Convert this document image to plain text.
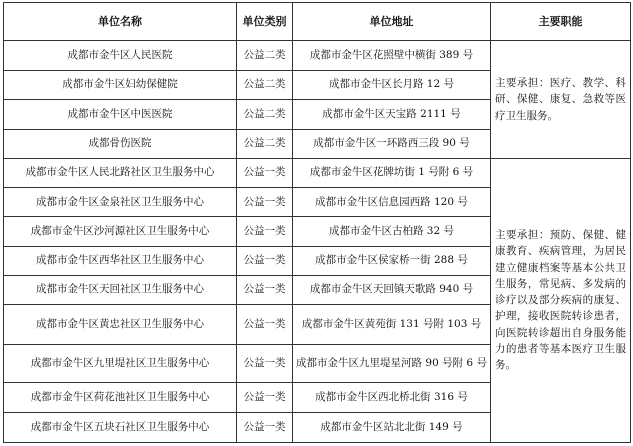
单位名称	单位类别	单位地址	主要职能
成都市金牛区人民医院	公益二类	成都市金牛区花照壁中横街 389 号	主要承担：医疗、教学、科研、保健、康复、急救等医疗卫生服务。
成都市金牛区妇幼保健院	公益二类	成都市金牛区长月路 12 号	
成都市金牛区中医医院	公益二类	成都市金牛区天宝路 2111 号	
成都骨伤医院	公益二类	成都市金牛区一环路西三段 90 号	
成都市金牛区人民北路社区卫生服务中心	公益一类	成都市金牛区花牌坊街 1 号附 6 号	主要承担：预防、保健、健康教育、疾病管理，为居民建立健康档案等基本公共卫生服务，常见病、多发病的诊疗以及部分疾病的康复、护理，接收医院转诊患者，向医院转诊超出自身服务能力的患者等基本医疗卫生服务。
成都市金牛区金泉社区卫生服务中心	公益一类	成都市金牛区信息园西路 120 号	
成都市金牛区沙河源社区卫生服务中心	公益一类	成都市金牛区古柏路 32 号	
成都市金牛区西华社区卫生服务中心	公益一类	成都市金牛区侯家桥一街 288 号	
成都市金牛区天回社区卫生服务中心	公益一类	成都市金牛区天回镇天歌路 940 号	
成都市金牛区黄忠社区卫生服务中心	公益一类	成都市金牛区黄苑街 131 号附 103 号	
成都市金牛区九里堤社区卫生服务中心	公益一类	成都市金牛区九里堤星河路 90 号附 6 号	
成都市金牛区荷花池社区卫生服务中心	公益一类	成都市金牛区西北桥北街 316 号	
成都市金牛区五块石社区卫生服务中心	公益一类	成都市金牛区站北北街 149 号	
